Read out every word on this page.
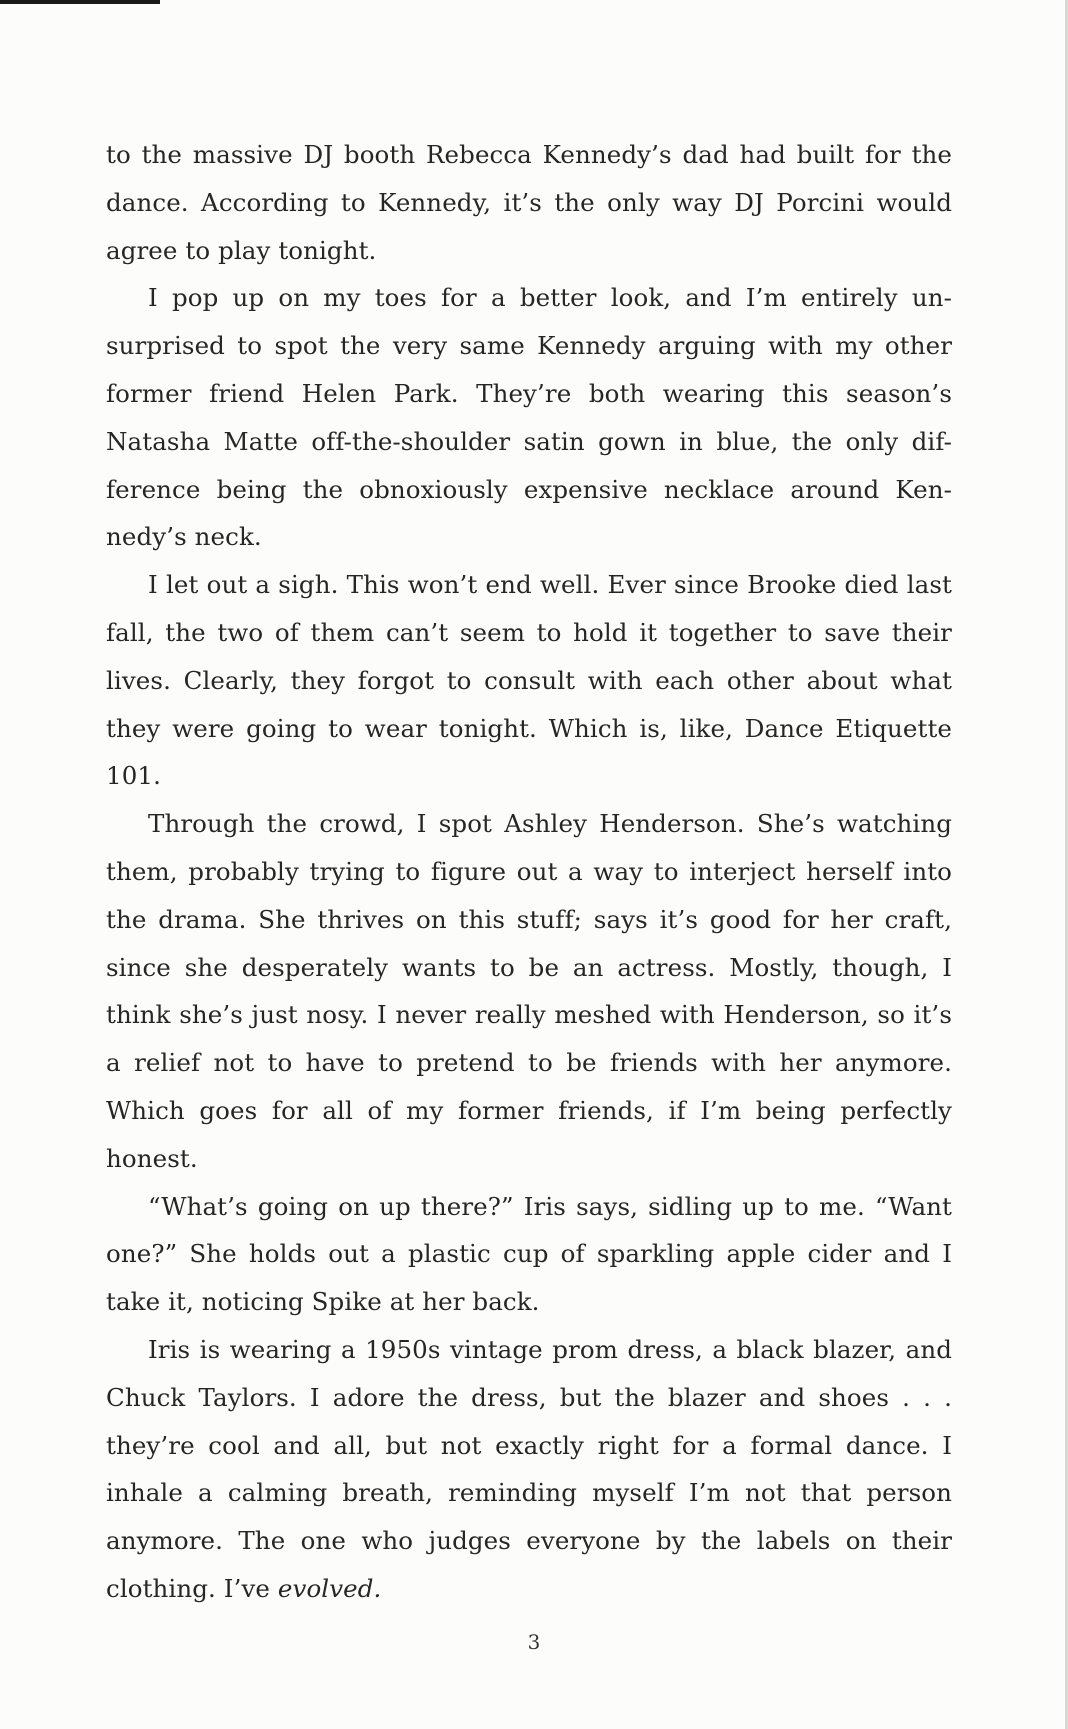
to the massive DJ booth Rebecca Kennedy’s dad had built for the dance. According to Kennedy, it’s the only way DJ Porcini would agree to play tonight.

I pop up on my toes for a better look, and I’m entirely un-surprised to spot the very same Kennedy arguing with my other former friend Helen Park. They’re both wearing this season’s Natasha Matte off-the-shoulder satin gown in blue, the only dif-ference being the obnoxiously expensive necklace around Ken-nedy’s neck.

I let out a sigh. This won’t end well. Ever since Brooke died last fall, the two of them can’t seem to hold it together to save their lives. Clearly, they forgot to consult with each other about what they were going to wear tonight. Which is, like, Dance Etiquette 101.

Through the crowd, I spot Ashley Henderson. She’s watching them, probably trying to figure out a way to interject herself into the drama. She thrives on this stuff; says it’s good for her craft, since she desperately wants to be an actress. Mostly, though, I think she’s just nosy. I never really meshed with Henderson, so it’s a relief not to have to pretend to be friends with her anymore. Which goes for all of my former friends, if I’m being perfectly honest.

“What’s going on up there?” Iris says, sidling up to me. “Want one?” She holds out a plastic cup of sparkling apple cider and I take it, noticing Spike at her back.

Iris is wearing a 1950s vintage prom dress, a black blazer, and Chuck Taylors. I adore the dress, but the blazer and shoes . . . they’re cool and all, but not exactly right for a formal dance. I inhale a calming breath, reminding myself I’m not that person anymore. The one who judges everyone by the labels on their clothing. I’ve evolved.

3
